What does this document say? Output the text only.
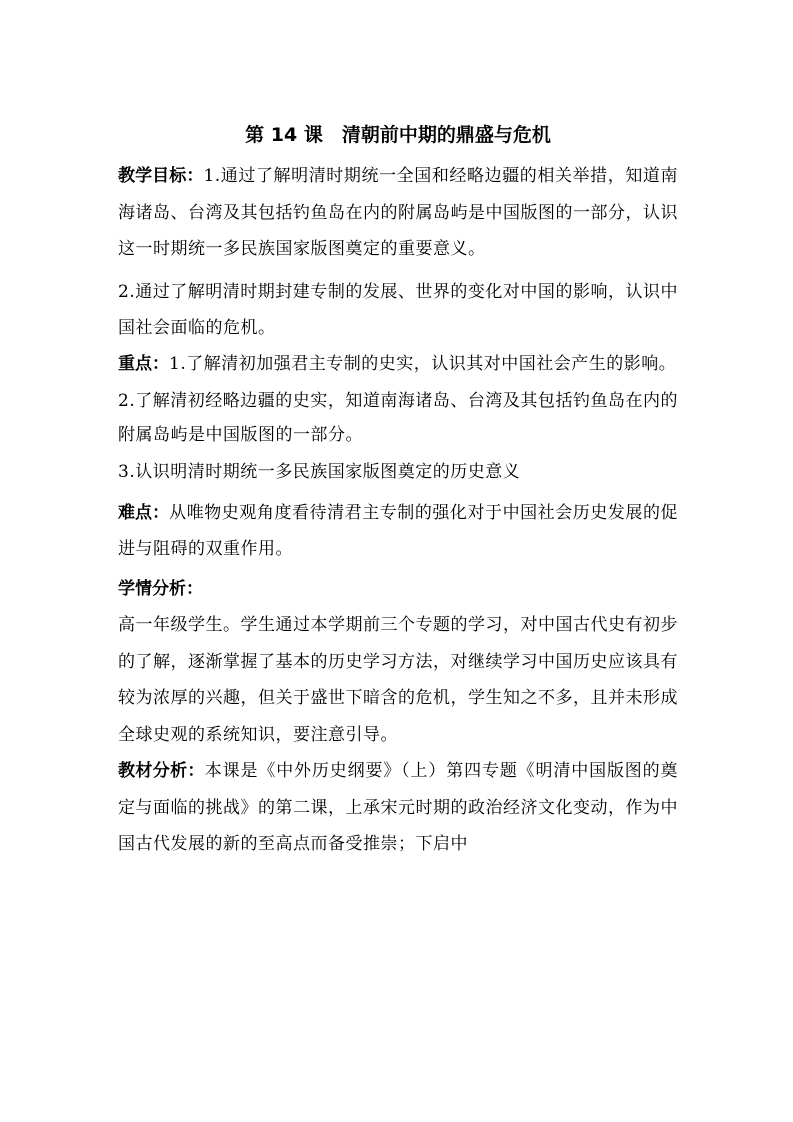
第 14 课　清朝前中期的鼎盛与危机

教学目标：1.通过了解明清时期统一全国和经略边疆的相关举措，知道南海诸岛、台湾及其包括钓鱼岛在内的附属岛屿是中国版图的一部分，认识这一时期统一多民族国家版图奠定的重要意义。

2.通过了解明清时期封建专制的发展、世界的变化对中国的影响，认识中国社会面临的危机。

重点：1.了解清初加强君主专制的史实，认识其对中国社会产生的影响。

2.了解清初经略边疆的史实，知道南海诸岛、台湾及其包括钓鱼岛在内的附属岛屿是中国版图的一部分。

3.认识明清时期统一多民族国家版图奠定的历史意义

难点：从唯物史观角度看待清君主专制的强化对于中国社会历史发展的促进与阻碍的双重作用。

学情分析：

高一年级学生。学生通过本学期前三个专题的学习，对中国古代史有初步的了解，逐渐掌握了基本的历史学习方法，对继续学习中国历史应该具有较为浓厚的兴趣，但关于盛世下暗含的危机，学生知之不多，且并未形成全球史观的系统知识，要注意引导。

教材分析：本课是《中外历史纲要》（上）第四专题《明清中国版图的奠定与面临的挑战》的第二课，上承宋元时期的政治经济文化变动，作为中国古代发展的新的至高点而备受推崇；下启中
